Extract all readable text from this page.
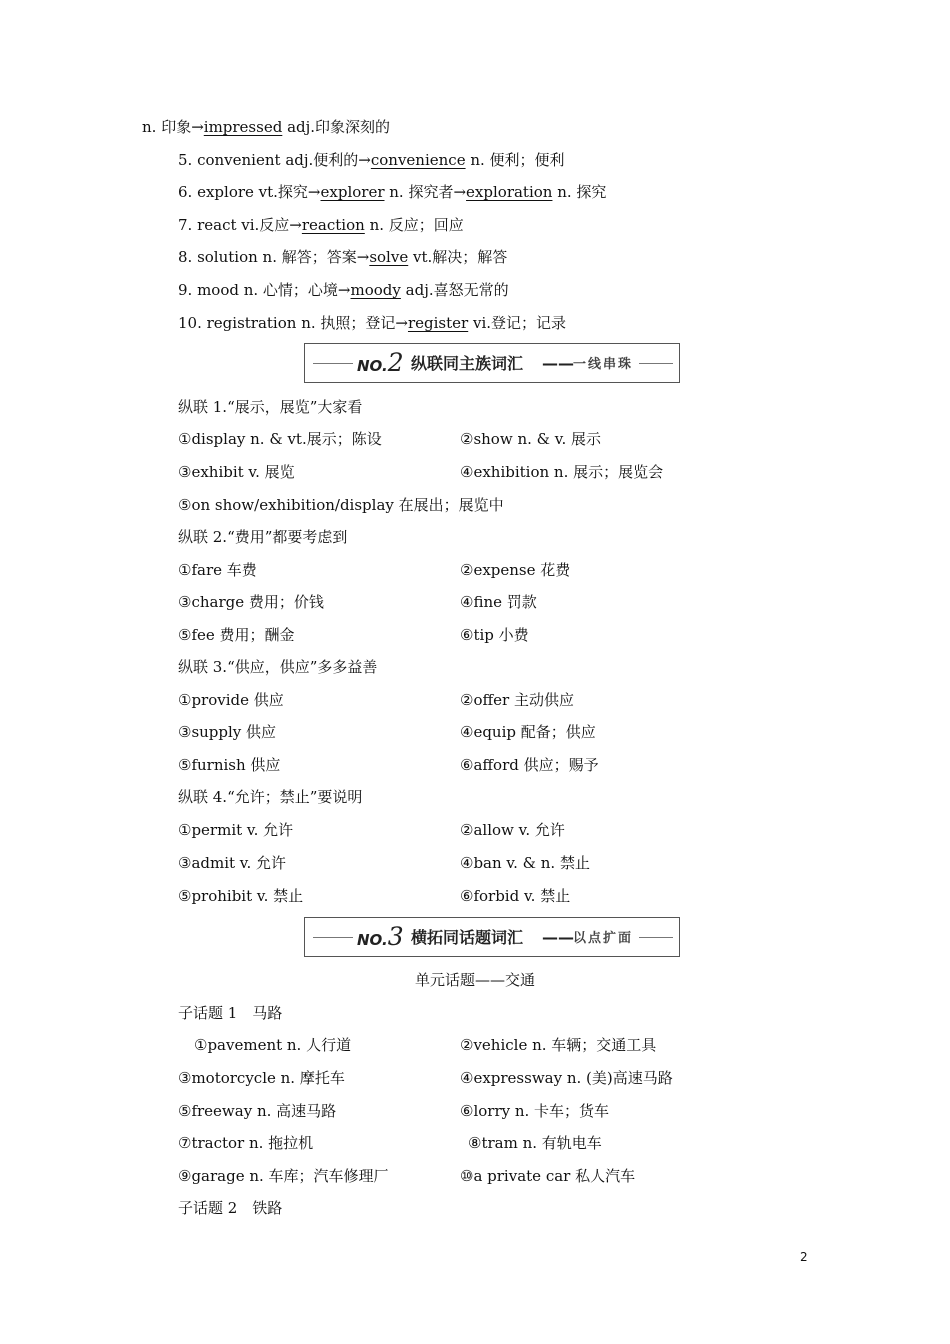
n. 印象→impressed adj.印象深刻的
5. convenient adj.便利的→convenience n. 便利；便利
6. explore vt.探究→explorer n. 探究者→exploration n. 探究
7. react vi.反应→reaction n. 反应；回应
8. solution n. 解答；答案→solve vt.解决；解答
9. mood n. 心情；心境→moody adj.喜怒无常的
10. registration n. 执照；登记→register vi.登记；记录
NO.2 纵联同主族词汇 —— 一线串珠
纵联 1.“展示，展览”大家看
①display n. & vt.展示；陈设	②show n. & v. 展示
③exhibit v. 展览	④exhibition n. 展示；展览会
⑤on show/exhibition/display 在展出；展览中
纵联 2.“费用”都要考虑到
①fare 车费	②expense 花费
③charge 费用；价钱	④fine 罚款
⑤fee 费用；酬金	⑥tip 小费
纵联 3.“供应，供应”多多益善
①provide 供应	②offer 主动供应
③supply 供应	④equip 配备；供应
⑤furnish 供应	⑥afford 供应；赐予
纵联 4.“允许；禁止”要说明
①permit v. 允许	②allow v. 允许
③admit v. 允许	④ban v. & n. 禁止
⑤prohibit v. 禁止	⑥forbid v. 禁止
NO.3 横拓同话题词汇 —— 以点扩面
单元话题——交通
子话题 1　马路
①pavement n. 人行道	②vehicle n. 车辆；交通工具
③motorcycle n. 摩托车	④expressway n. (美)高速马路
⑤freeway n. 高速马路	⑥lorry n. 卡车；货车
⑦tractor n. 拖拉机	⑧tram n. 有轨电车
⑨garage n. 车库；汽车修理厂	⑩a private car 私人汽车
子话题 2　铁路
2
